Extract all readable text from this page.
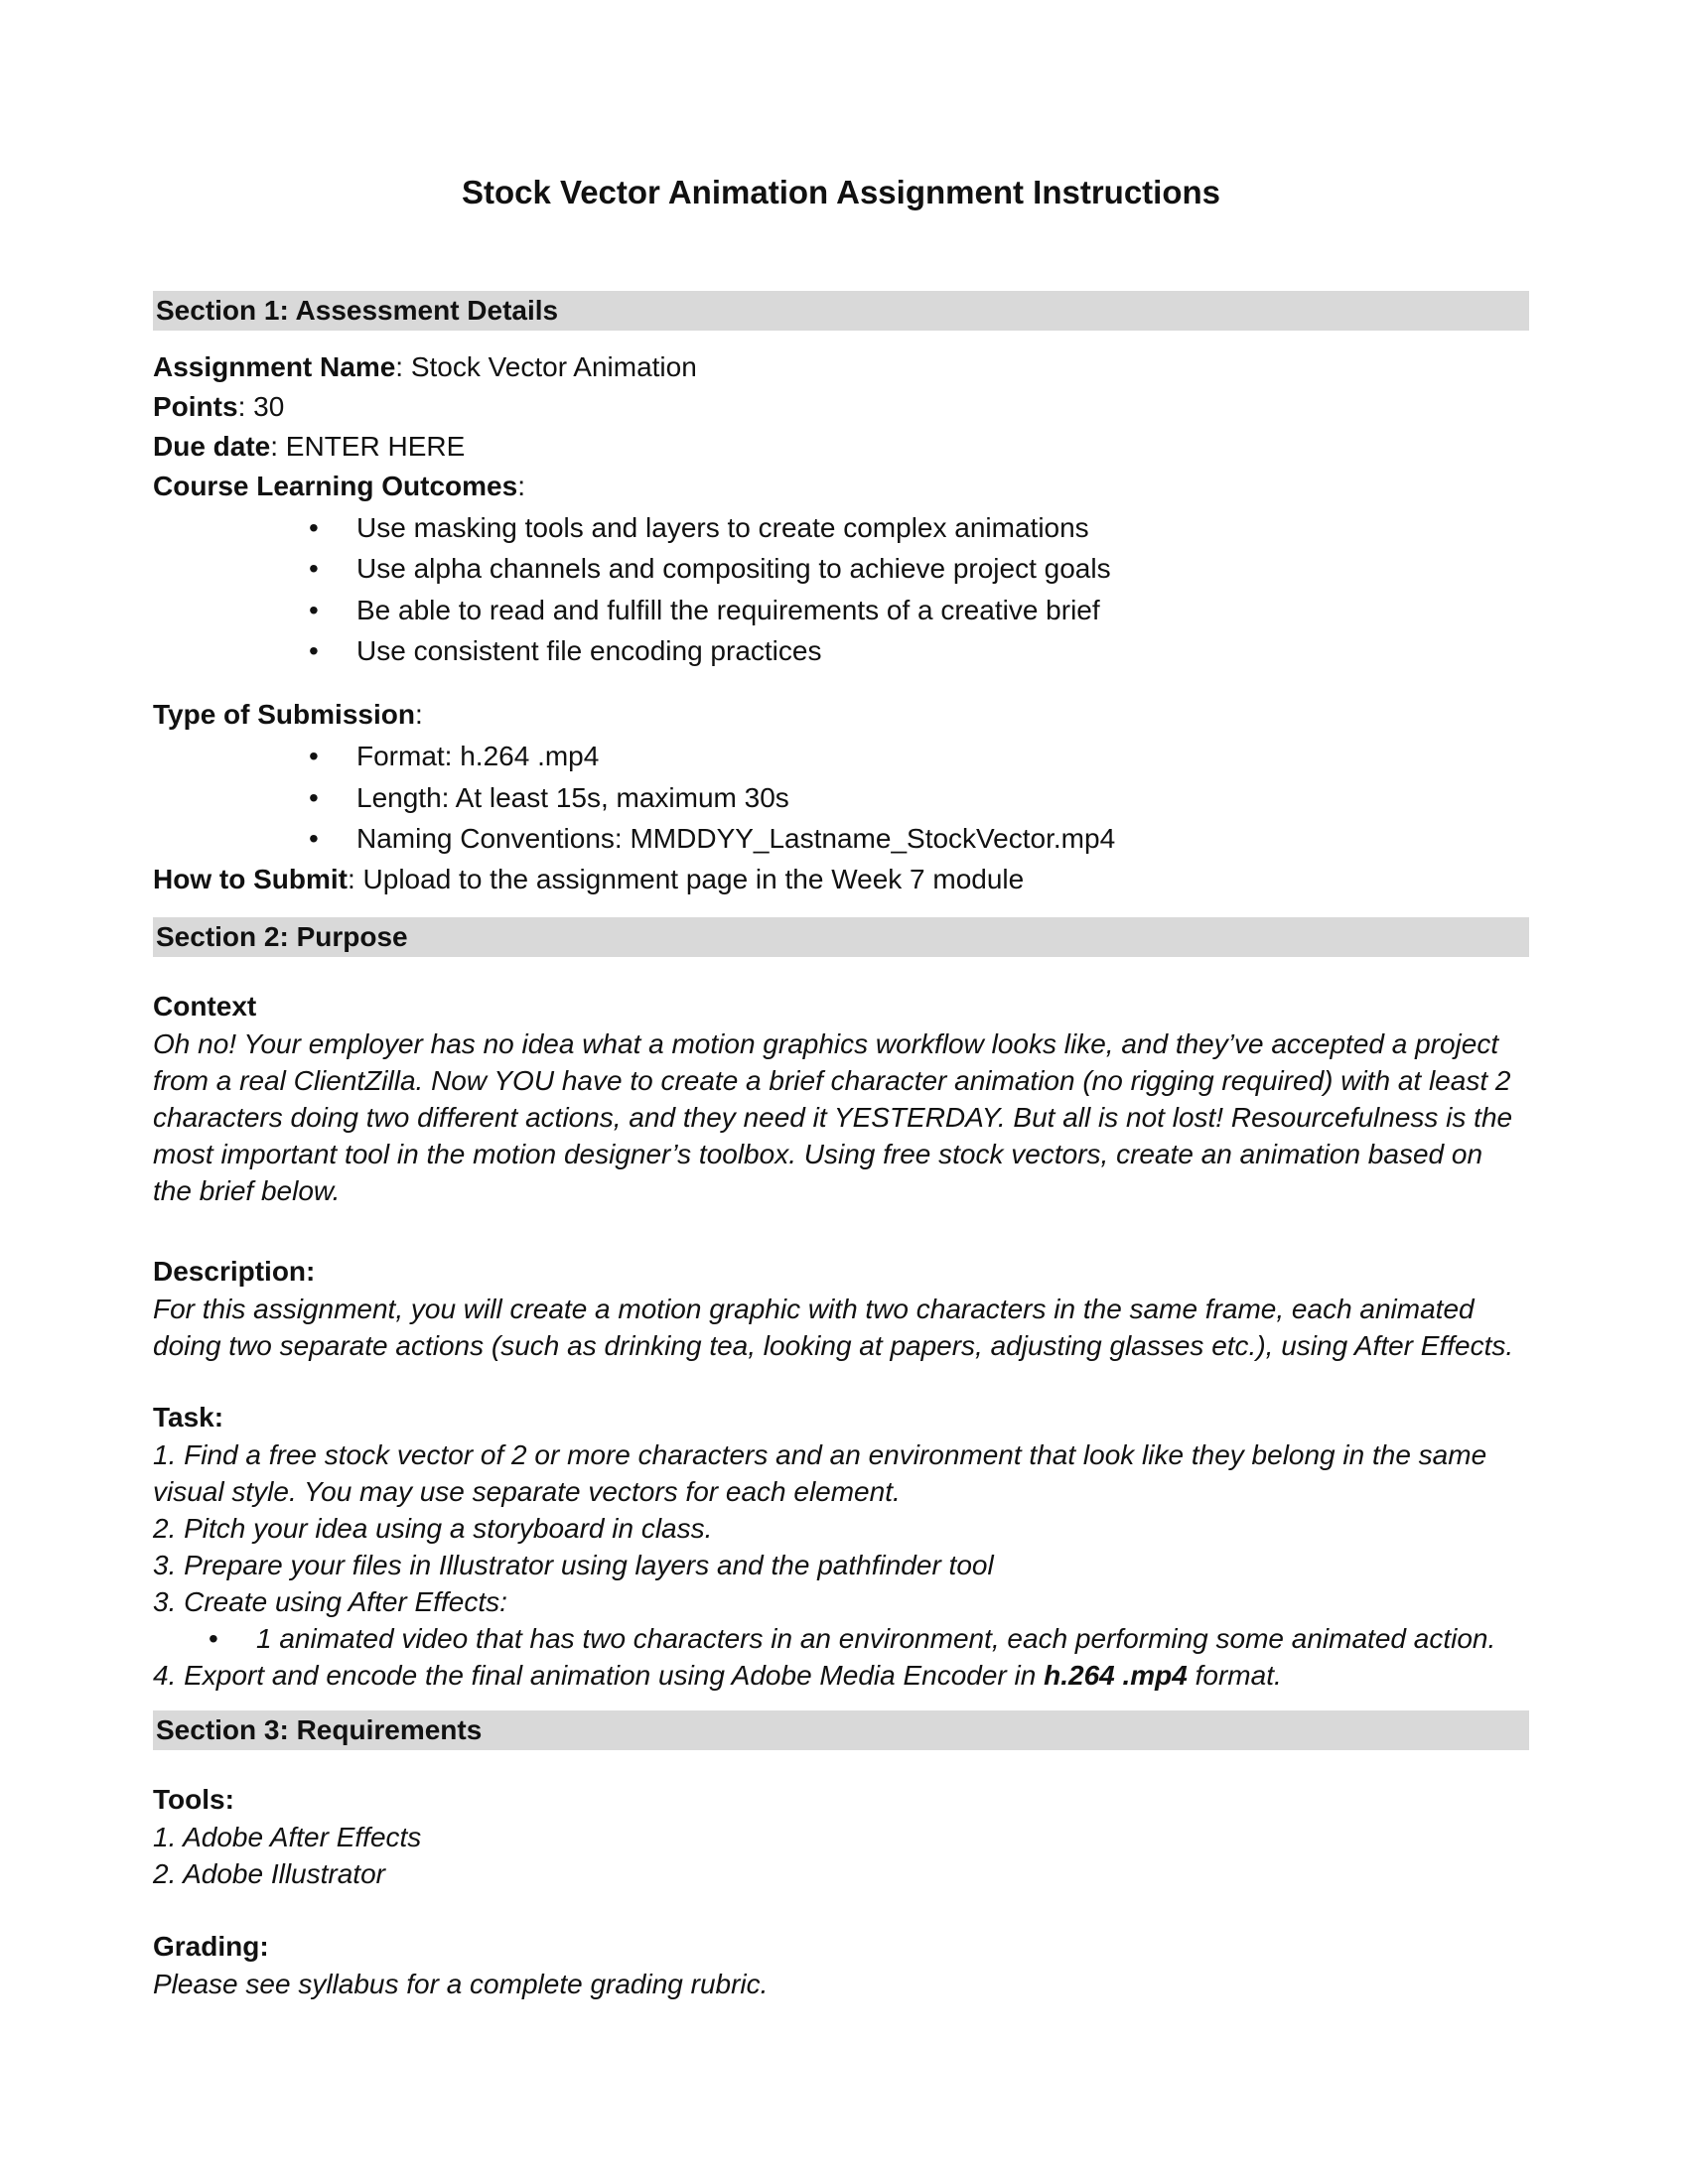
Stock Vector Animation Assignment Instructions
Section 1: Assessment Details
Assignment Name: Stock Vector Animation
Points: 30
Due date: ENTER HERE
Course Learning Outcomes:
•	Use masking tools and layers to create complex animations
•	Use alpha channels and compositing to achieve project goals
•	Be able to read and fulfill the requirements of a creative brief
•	Use consistent file encoding practices
Type of Submission:
•	Format: h.264 .mp4
•	Length: At least 15s, maximum 30s
•	Naming Conventions: MMDDYY_Lastname_StockVector.mp4
How to Submit: Upload to the assignment page in the Week 7 module
Section 2: Purpose
Context
Oh no! Your employer has no idea what a motion graphics workflow looks like, and they’ve accepted a project
from a real ClientZilla. Now YOU have to create a brief character animation (no rigging required) with at least 2
characters doing two different actions, and they need it YESTERDAY. But all is not lost! Resourcefulness is the
most important tool in the motion designer’s toolbox. Using free stock vectors, create an animation based on
the brief below.
Description:
For this assignment, you will create a motion graphic with two characters in the same frame, each animated
doing two separate actions (such as drinking tea, looking at papers, adjusting glasses etc.), using After Effects.
Task:
1. Find a free stock vector of 2 or more characters and an environment that look like they belong in the same
visual style. You may use separate vectors for each element.
2. Pitch your idea using a storyboard in class.
3. Prepare your files in Illustrator using layers and the pathfinder tool
3. Create using After Effects:
•	1 animated video that has two characters in an environment, each performing some animated action.
4. Export and encode the final animation using Adobe Media Encoder in h.264 .mp4 format.
Section 3: Requirements
Tools:
1. Adobe After Effects
2. Adobe Illustrator
Grading:
Please see syllabus for a complete grading rubric.
